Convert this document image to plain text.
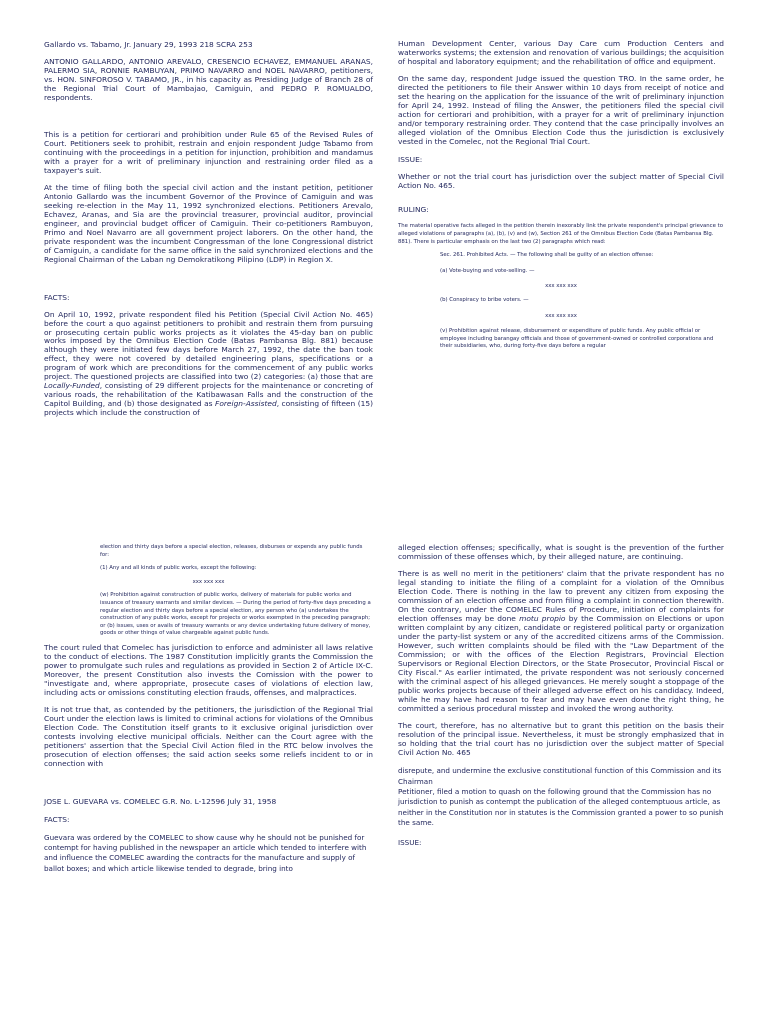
Gallardo vs. Tabamo, Jr. January 29, 1993 218 SCRA 253

ANTONIO GALLARDO, ANTONIO AREVALO, CRESENCIO ECHAVEZ, EMMANUEL ARANAS, PALERMO SIA, RONNIE RAMBUYAN, PRIMO NAVARRO and NOEL NAVARRO, petitioners, vs. HON. SINFOROSO V. TABAMO, JR., in his capacity as Presiding Judge of Branch 28 of the Regional Trial Court of Mambajao, Camiguin, and PEDRO P. ROMUALDO, respondents.

This is a petition for certiorari and prohibition under Rule 65 of the Revised Rules of Court. Petitioners seek to prohibit, restrain and enjoin respondent Judge Tabamo from continuing with the proceedings in a petition for injunction, prohibition and mandamus with a prayer for a writ of preliminary injunction and restraining order filed as a taxpayer's suit.

At the time of filing both the special civil action and the instant petition, petitioner Antonio Gallardo was the incumbent Governor of the Province of Camiguin and was seeking re-election in the May 11, 1992 synchronized elections. Petitioners Arevalo, Echavez, Aranas, and Sia are the provincial treasurer, provincial auditor, provincial engineer, and provincial budget officer of Camiguin. Their co-petitioners Rambuyon, Primo and Noel Navarro are all government project laborers. On the other hand, the private respondent was the incumbent Congressman of the lone Congressional district of Camiguin, a candidate for the same office in the said synchronized elections and the Regional Chairman of the Laban ng Demokratikong Pilipino (LDP) in Region X.

FACTS:

On April 10, 1992, private respondent filed his Petition (Special Civil Action No. 465) before the court a quo against petitioners to prohibit and restrain them from pursuing or prosecuting certain public works projects as it violates the 45-day ban on public works imposed by the Omnibus Election Code (Batas Pambansa Blg. 881) because although they were initiated few days before March 27, 1992, the date the ban took effect, they were not covered by detailed engineering plans, specifications or a program of work which are preconditions for the commencement of any public works project. The questioned projects are classified into two (2) categories: (a) those that are Locally-Funded, consisting of 29 different projects for the maintenance or concreting of various roads, the rehabilitation of the Katibawasan Falls and the construction of the Capitol Building, and (b) those designated as Foreign-Assisted, consisting of fifteen (15) projects which include the construction of

Human Development Center, various Day Care cum Production Centers and waterworks systems; the extension and renovation of various buildings; the acquisition of hospital and laboratory equipment; and the rehabilitation of office and equipment.

On the same day, respondent Judge issued the question TRO. In the same order, he directed the petitioners to file their Answer within 10 days from receipt of notice and set the hearing on the application for the issuance of the writ of preliminary injunction for April 24, 1992. Instead of filing the Answer, the petitioners filed the special civil action for certiorari and prohibition, with a prayer for a writ of preliminary injunction and/or temporary restraining order. They contend that the case principally involves an alleged violation of the Omnibus Election Code thus the jurisdiction is exclusively vested in the Comelec, not the Regional Trial Court.

ISSUE:

Whether or not the trial court has jurisdiction over the subject matter of Special Civil Action No. 465.

RULING:

The material operative facts alleged in the petition therein inexorably link the private respondent's principal grievance to alleged violations of paragraphs (a), (b), (v) and (w), Section 261 of the Omnibus Election Code (Batas Pambansa Blg. 881). There is particular emphasis on the last two (2) paragraphs which read:

Sec. 261. Prohibited Acts. — The following shall be guilty of an election offense:

(a) Vote-buying and vote-selling. —

xxx xxx xxx

(b) Conspiracy to bribe voters. —

xxx xxx xxx

(v) Prohibition against release, disbursement or expenditure of public funds. Any public official or employee including barangay officials and those of government-owned or controlled corporations and their subsidiaries, who, during forty-five days before a regular

election and thirty days before a special election, releases, disburses or expends any public funds for:

(1) Any and all kinds of public works, except the following:

xxx xxx xxx

(w) Prohibition against construction of public works, delivery of materials for public works and issuance of treasury warrants and similar devices. — During the period of forty-five days preceding a regular election and thirty days before a special election, any person who (a) undertakes the construction of any public works, except for projects or works exempted in the preceding paragraph; or (b) issues, uses or avails of treasury warrants or any device undertaking future delivery of money, goods or other things of value chargeable against public funds.

The court ruled that Comelec has jurisdiction to enforce and administer all laws relative to the conduct of elections. The 1987 Constitution implicitly grants the Commission the power to promulgate such rules and regulations as provided in Section 2 of Article IX-C. Moreover, the present Constitution also invests the Comission with the power to "investigate and, where appropriate, prosecute cases of violations of election law, including acts or omissions constituting election frauds, offenses, and malpractices.

It is not true that, as contended by the petitioners, the jurisdiction of the Regional Trial Court under the election laws is limited to criminal actions for violations of the Omnibus Election Code. The Constitution itself grants to it exclusive original jurisdiction over contests involving elective municipal officials. Neither can the Court agree with the petitioners' assertion that the Special Civil Action filed in the RTC below involves the prosecution of election offenses; the said action seeks some reliefs incident to or in connection with

JOSE L. GUEVARA vs. COMELEC G.R. No. L-12596 July 31, 1958

FACTS:

Guevara was ordered by the COMELEC to show cause why he should not be punished for contempt for having published in the newspaper an article which tended to interfere with and influence the COMELEC awarding the contracts for the manufacture and supply of ballot boxes; and which article likewise tended to degrade, bring into

alleged election offenses; specifically, what is sought is the prevention of the further commission of these offenses which, by their alleged nature, are continuing.

There is as well no merit in the petitioners' claim that the private respondent has no legal standing to initiate the filing of a complaint for a violation of the Omnibus Election Code. There is nothing in the law to prevent any citizen from exposing the commission of an election offense and from filing a complaint in connection therewith. On the contrary, under the COMELEC Rules of Procedure, initiation of complaints for election offenses may be done motu propio by the Commission on Elections or upon written complaint by any citizen, candidate or registered political party or organization under the party-list system or any of the accredited citizens arms of the Commission. However, such written complaints should be filed with the "Law Department of the Commission; or with the offices of the Election Registrars, Provincial Election Supervisors or Regional Election Directors, or the State Prosecutor, Provincial Fiscal or City Fiscal." As earlier intimated, the private respondent was not seriously concerned with the criminal aspect of his alleged grievances. He merely sought a stoppage of the public works projects because of their alleged adverse effect on his candidacy. Indeed, while he may have had reason to fear and may have even done the right thing, he committed a serious procedural misstep and invoked the wrong authority.

The court, therefore, has no alternative but to grant this petition on the basis their resolution of the principal issue. Nevertheless, it must be strongly emphasized that in so holding that the trial court has no jurisdiction over the subject matter of Special Civil Action No. 465

disrepute, and undermine the exclusive constitutional function of this Commission and its Chairman

Petitioner, filed a motion to quash on the following ground that the Commission has no jurisdiction to punish as contempt the publication of the alleged contemptuous article, as neither in the Constitution nor in statutes is the Commission granted a power to so punish the same.

ISSUE:
